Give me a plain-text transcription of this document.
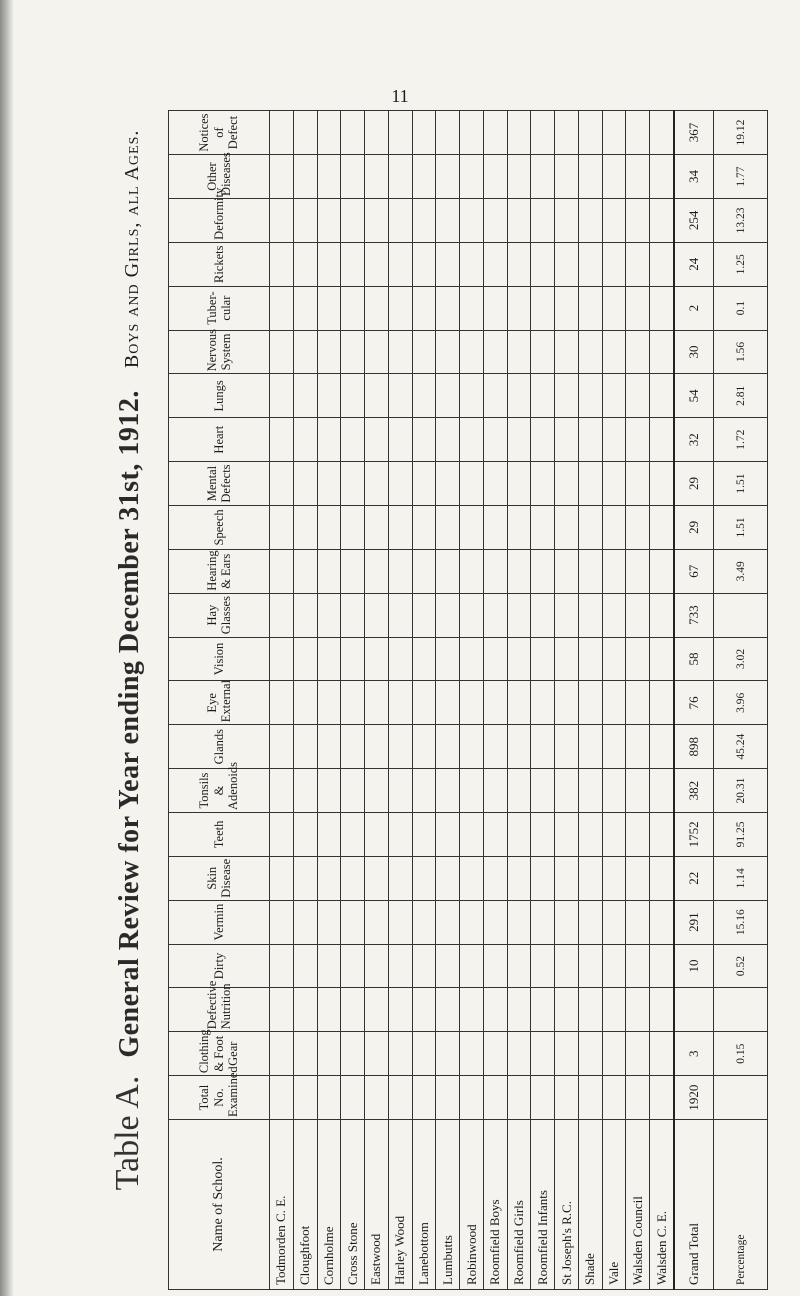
11
Table A. General Review for Year ending December 31st, 1912. Boys and Girls, all Ages.
Name of School.	Total No. Examined	Clothing & Foot Gear	Defective Nutrition	Dirty	Vermin	Skin Disease	Teeth	Tonsils & Adenoids	Glands	Eye External	Vision	Hay Glasses	Hearing & Ears	Speech	Mental Defects	Heart	Lungs	Nervous System	Tuber-cular	Rickets	Deformity	Other Diseases	Notices of Defect
Todmorden C. E.																							
Cloughfoot																							
Cornholme																							
Cross Stone																							
Eastwood																							
Harley Wood																							
Lanebottom																							
Lumbutts																							
Robinwood																							
Roomfield Boys																							
Roomfield Girls																							
Roomfield Infants																							
St Joseph's R.C.																							
Shade																							
Vale																							
Walsden Council																							
Walsden C. E.																							
Grand Total	1920	3		10	291	22	1752	382	898	76	58	733	67	29	29	32	54	30	2	24	254	34	367
Percentage		0.15		0.52	15.16	1.14	91.25	20.31	45.24	3.96	3.02		3.49	1.51	1.51	1.72	2.81	1.56	0.1	1.25	13.23	1.77	19.12
